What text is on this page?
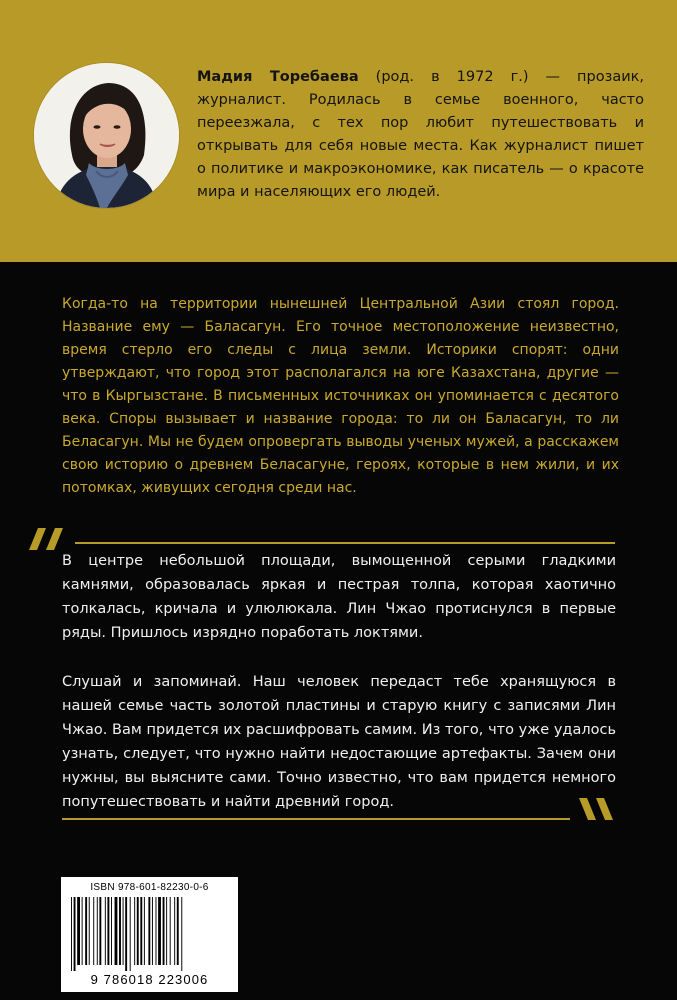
Мадия Торебаева (род. в 1972 г.) — прозаик, журналист. Родилась в семье военного, часто переезжала, с тех пор любит путешествовать и открывать для себя новые места. Как журналист пишет о политике и макроэкономике, как писатель — о красоте мира и населяющих его людей.

Когда-то на территории нынешней Центральной Азии стоял город. Название ему — Баласагун. Его точное местоположение неизвестно, время стерло его следы с лица земли. Историки спорят: одни утверждают, что город этот располагался на юге Казахстана, другие — что в Кыргызстане. В письменных источниках он упоминается с десятого века. Споры вызывает и название города: то ли он Баласагун, то ли Беласагун. Мы не будем опровергать выводы ученых мужей, а расскажем свою историю о древнем Беласагуне, героях, которые в нем жили, и их потомках, живущих сегодня среди нас.

В центре небольшой площади, вымощенной серыми гладкими камнями, образовалась яркая и пестрая толпа, которая хаотично толкалась, кричала и улюлюкала. Лин Чжао протиснулся в первые ряды. Пришлось изрядно поработать локтями.

Слушай и запоминай. Наш человек передаст тебе хранящуюся в нашей семье часть золотой пластины и старую книгу с записями Лин Чжао. Вам придется их расшифровать самим. Из того, что уже удалось узнать, следует, что нужно найти недостающие артефакты. Зачем они нужны, вы выясните сами. Точно известно, что вам придется немного попутешествовать и найти древний город.

ISBN 978-601-82230-0-6
9 786018 223006
